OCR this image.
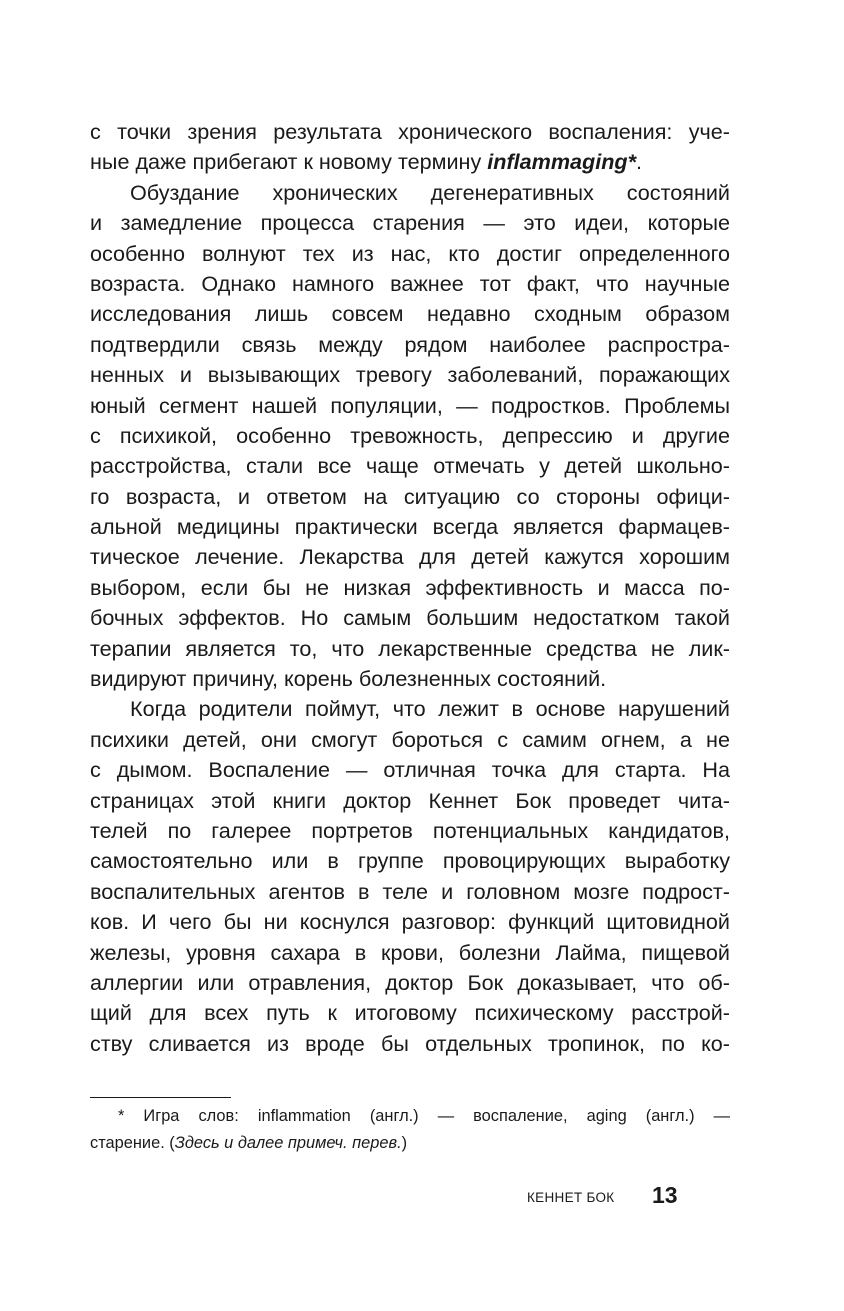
с точки зрения результата хронического воспаления: уче-
ные даже прибегают к новому термину inflammaging*.
Обуздание хронических дегенеративных состояний
и замедление процесса старения — это идеи, которые
особенно волнуют тех из нас, кто достиг определенного
возраста. Однако намного важнее тот факт, что научные
исследования лишь совсем недавно сходным образом
подтвердили связь между рядом наиболее распростра-
ненных и вызывающих тревогу заболеваний, поражающих
юный сегмент нашей популяции, — подростков. Проблемы
с психикой, особенно тревожность, депрессию и другие
расстройства, стали все чаще отмечать у детей школьно-
го возраста, и ответом на ситуацию со стороны офици-
альной медицины практически всегда является фармацев-
тическое лечение. Лекарства для детей кажутся хорошим
выбором, если бы не низкая эффективность и масса по-
бочных эффектов. Но самым большим недостатком такой
терапии является то, что лекарственные средства не лик-
видируют причину, корень болезненных состояний.
Когда родители поймут, что лежит в основе нарушений
психики детей, они смогут бороться с самим огнем, а не
с дымом. Воспаление — отличная точка для старта. На
страницах этой книги доктор Кеннет Бок проведет чита-
телей по галерее портретов потенциальных кандидатов,
самостоятельно или в группе провоцирующих выработку
воспалительных агентов в теле и головном мозге подрост-
ков. И чего бы ни коснулся разговор: функций щитовидной
железы, уровня сахара в крови, болезни Лайма, пищевой
аллергии или отравления, доктор Бок доказывает, что об-
щий для всех путь к итоговому психическому расстрой-
ству сливается из вроде бы отдельных тропинок, по ко-
* Игра слов: inflammation (англ.) — воспаление, aging (англ.) —
старение. (Здесь и далее примеч. перев.)
КЕННЕТ БОК 13
